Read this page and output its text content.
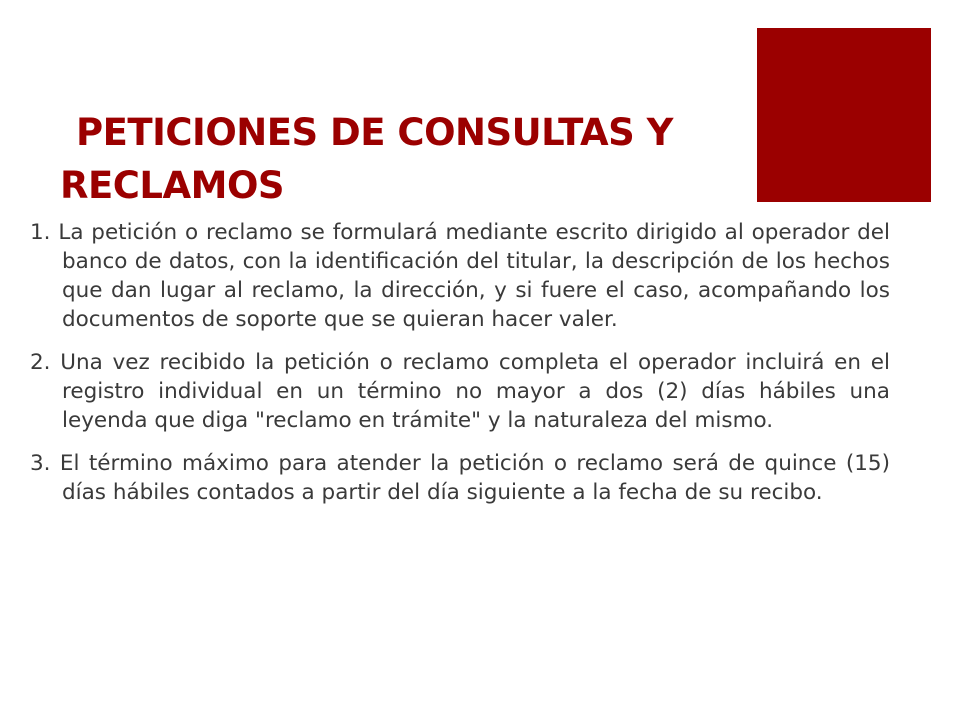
PETICIONES DE CONSULTAS Y
RECLAMOS

1. La petición o reclamo se formulará mediante escrito dirigido al operador del banco de datos, con la identificación del titular, la descripción de los hechos que dan lugar al reclamo, la dirección, y si fuere el caso, acompañando los documentos de soporte que se quieran hacer valer.

2. Una vez recibido la petición o reclamo completa el operador incluirá en el registro individual en un término no mayor a dos (2) días hábiles una leyenda que diga "reclamo en trámite" y la naturaleza del mismo.

3. El término máximo para atender la petición o reclamo será de quince (15) días hábiles contados a partir del día siguiente a la fecha de su recibo.
